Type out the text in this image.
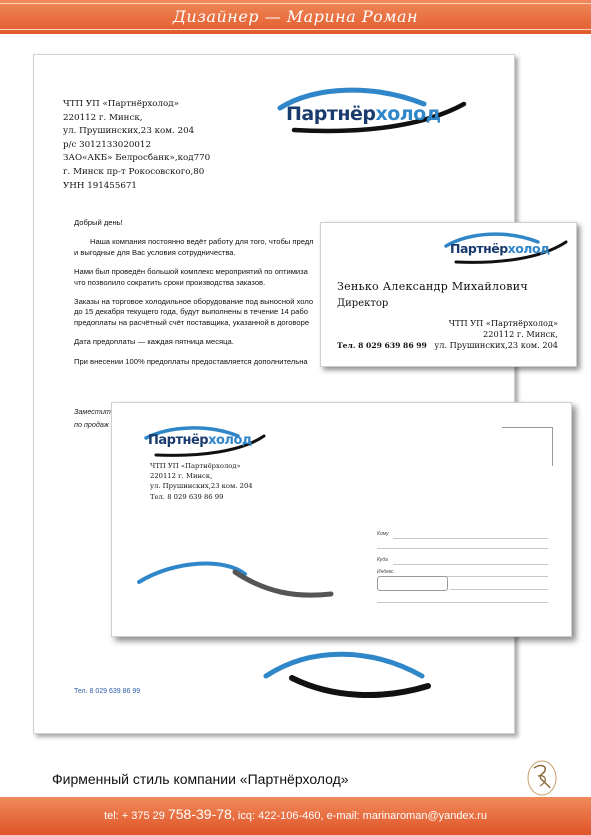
Дизайнер — Марина Роман
Партнёрхолод
ЧТП УП «Партнёрхолод»
220112 г. Минск,
ул. Прушинских,23 ком. 204
р/с 3012133020012
ЗАО«АКБ» Белросбанк»,код770
г. Минск пр-т Рокосовского,80
УНН 191455671

Добрый день!

Наша компания постоянно ведёт работу для того, чтобы предл
и выгодные для Вас условия сотрудничества.

Нами был проведён большой комплекс мероприятий по оптимиза
что позволило сократить сроки производства заказов.

Заказы на торговое холодильное оборудование под выносной холо
до 15 декабря текущего года, будут выполнены в течение 14 рабо
предоплаты на расчётный счёт поставщика, указанной в договоре

Дата предоплаты — каждая пятница месяца.

При внесении 100% предоплаты предоставляется дополнительна

Заместит
по продаж
Тел. 8 029 639 86 99
Партнёрхолод
Зенько Александр Михайлович
Директор
ЧТП УП «Партнёрхолод»
220112 г. Минск,
ул. Прушинских,23 ком. 204
Тел. 8 029 639 86 99
Партнёрхолод
ЧТП УП «Партнёрхолод»
220112 г. Минск,
ул. Прушинских,23 ком. 204
Тел. 8 029 639 86 99
Кому
Куда
Индекс
Фирменный стиль компании «Партнёрхолод»
tel: + 375 29 758-39-78, icq: 422-106-460, e-mail: marinaroman@yandex.ru
